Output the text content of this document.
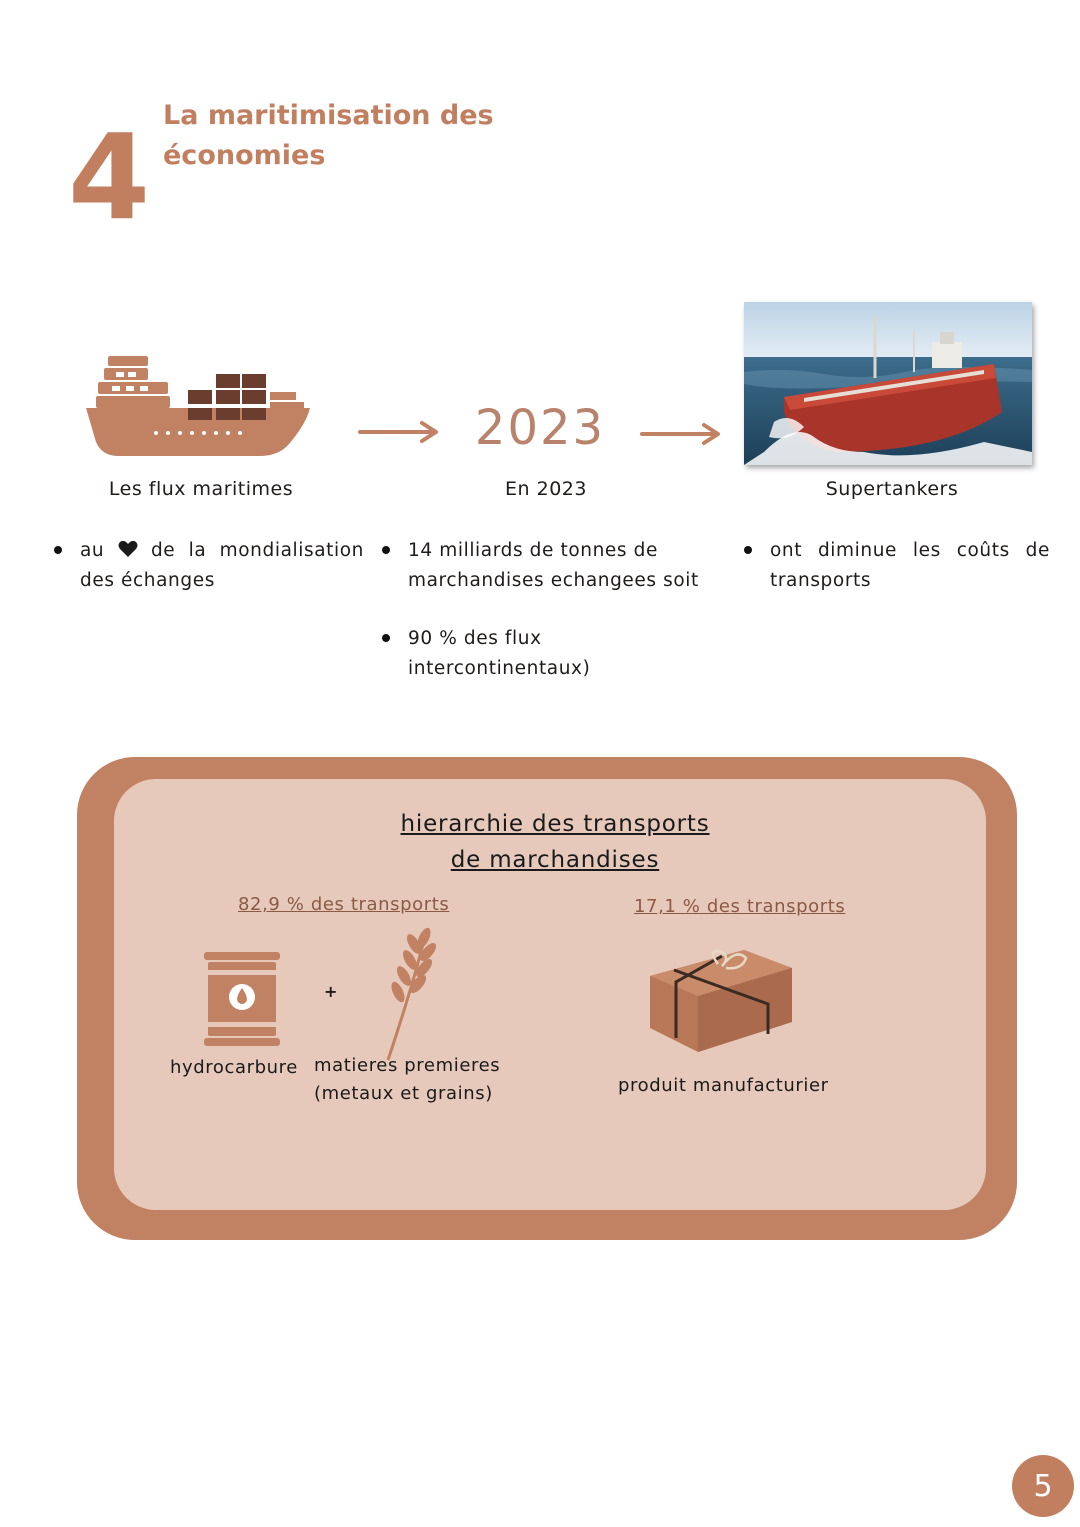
4 La maritimisation des économies
2023
Les flux maritimes	En 2023	Supertankers
au	de la mondialisation des échanges
14 milliards de tonnes de marchandises echangees soit
90 % des flux intercontinentaux)
ont diminue les coûts de transports
hierarchie des transports
de marchandises
82,9 % des transports	17,1 % des transports
+
hydrocarbure matieres premieres
(metaux et grains)	produit manufacturier
5
